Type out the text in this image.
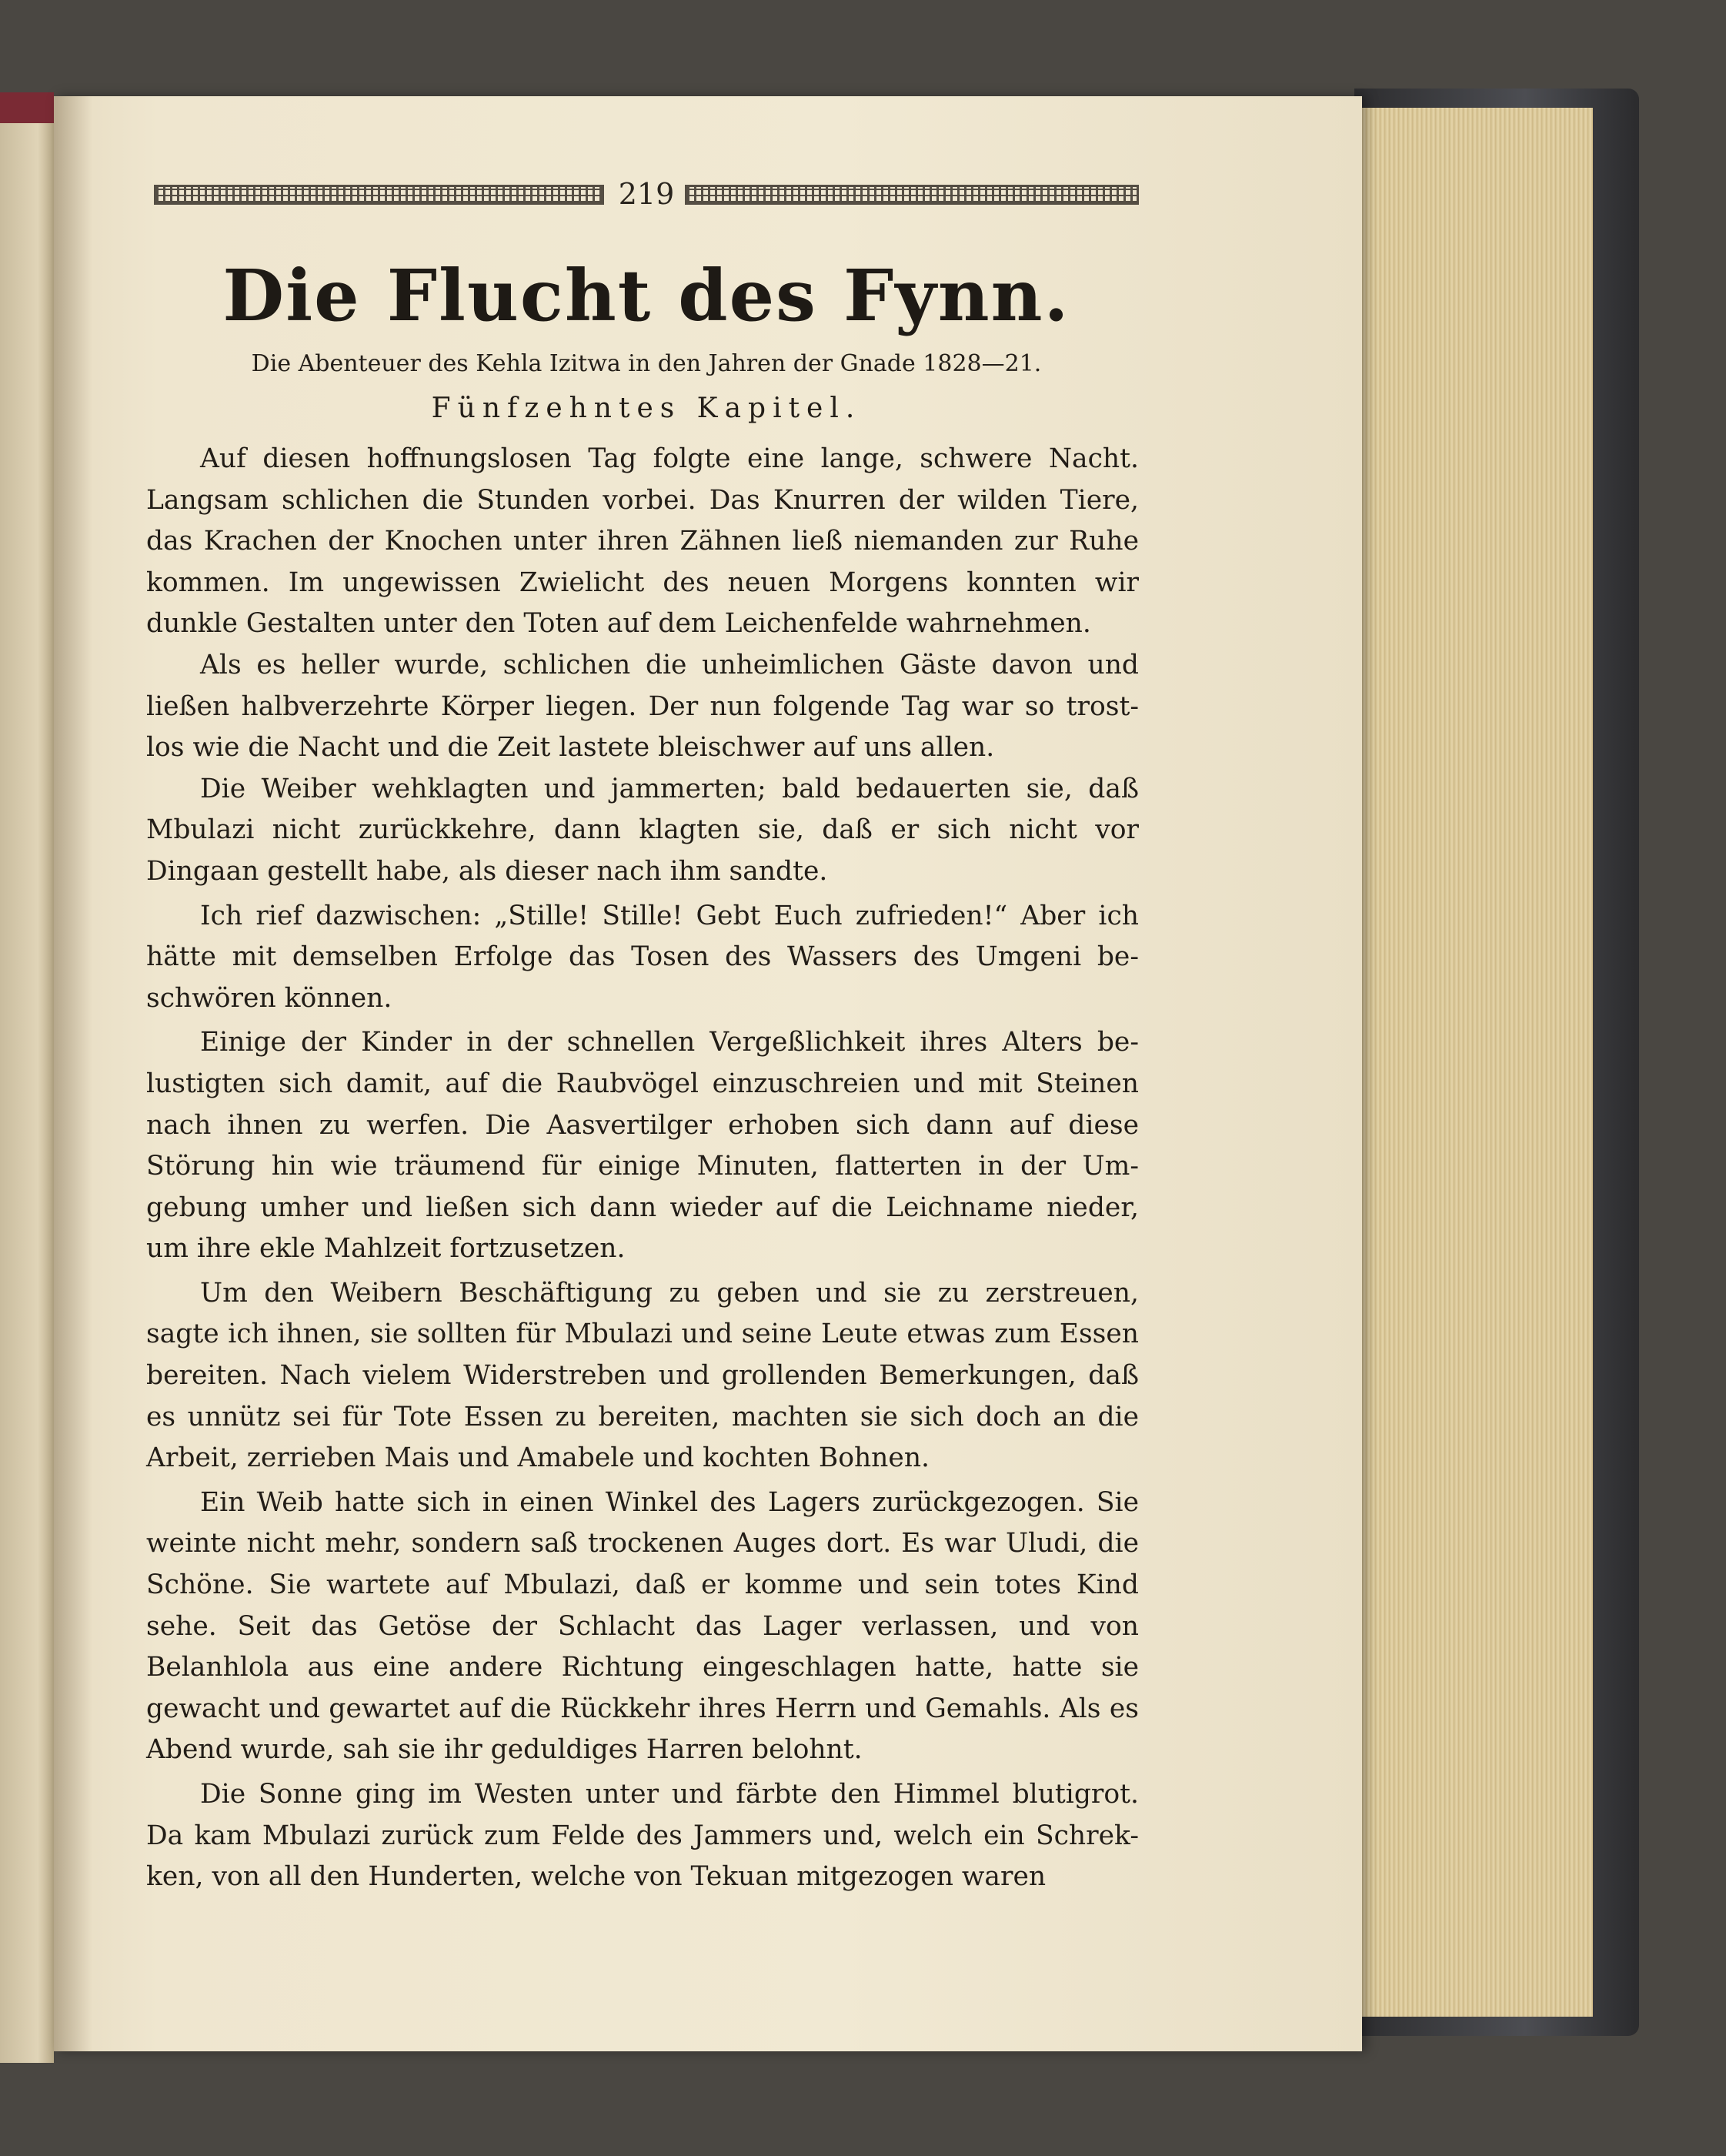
219
Die Flucht des Fynn.
Die Abenteuer des Kehla Izitwa in den Jahren der Gnade 1828—21.
Fünfzehntes Kapitel.

Auf diesen hoffnungslosen Tag folgte eine lange, schwere Nacht. Langsam schlichen die Stunden vorbei. Das Knurren der wilden Tiere, das Krachen der Knochen unter ihren Zähnen ließ niemanden zur Ruhe kommen. Im ungewissen Zwielicht des neuen Morgens konnten wir dunkle Gestalten unter den Toten auf dem Leichenfelde wahrnehmen.

Als es heller wurde, schlichen die unheimlichen Gäste davon und ließen halbverzehrte Körper liegen. Der nun folgende Tag war so trost-los wie die Nacht und die Zeit lastete bleischwer auf uns allen.

Die Weiber wehklagten und jammerten; bald bedauerten sie, daß Mbulazi nicht zurückkehre, dann klagten sie, daß er sich nicht vor Dingaan gestellt habe, als dieser nach ihm sandte.

Ich rief dazwischen: „Stille! Stille! Gebt Euch zufrieden!“ Aber ich hätte mit demselben Erfolge das Tosen des Wassers des Umgeni be-schwören können.

Einige der Kinder in der schnellen Vergeßlichkeit ihres Alters be-lustigten sich damit, auf die Raubvögel einzuschreien und mit Steinen nach ihnen zu werfen. Die Aasvertilger erhoben sich dann auf diese Störung hin wie träumend für einige Minuten, flatterten in der Um-gebung umher und ließen sich dann wieder auf die Leichname nieder, um ihre ekle Mahlzeit fortzusetzen.

Um den Weibern Beschäftigung zu geben und sie zu zerstreuen, sagte ich ihnen, sie sollten für Mbulazi und seine Leute etwas zum Essen bereiten. Nach vielem Widerstreben und grollenden Bemerkungen, daß es unnütz sei für Tote Essen zu bereiten, machten sie sich doch an die Arbeit, zerrieben Mais und Amabele und kochten Bohnen.

Ein Weib hatte sich in einen Winkel des Lagers zurückgezogen. Sie weinte nicht mehr, sondern saß trockenen Auges dort. Es war Uludi, die Schöne. Sie wartete auf Mbulazi, daß er komme und sein totes Kind sehe. Seit das Getöse der Schlacht das Lager verlassen, und von Belanhlola aus eine andere Richtung eingeschlagen hatte, hatte sie gewacht und gewartet auf die Rückkehr ihres Herrn und Gemahls. Als es Abend wurde, sah sie ihr geduldiges Harren belohnt.

Die Sonne ging im Westen unter und färbte den Himmel blutigrot. Da kam Mbulazi zurück zum Felde des Jammers und, welch ein Schrek-ken, von all den Hunderten, welche von Tekuan mitgezogen waren
